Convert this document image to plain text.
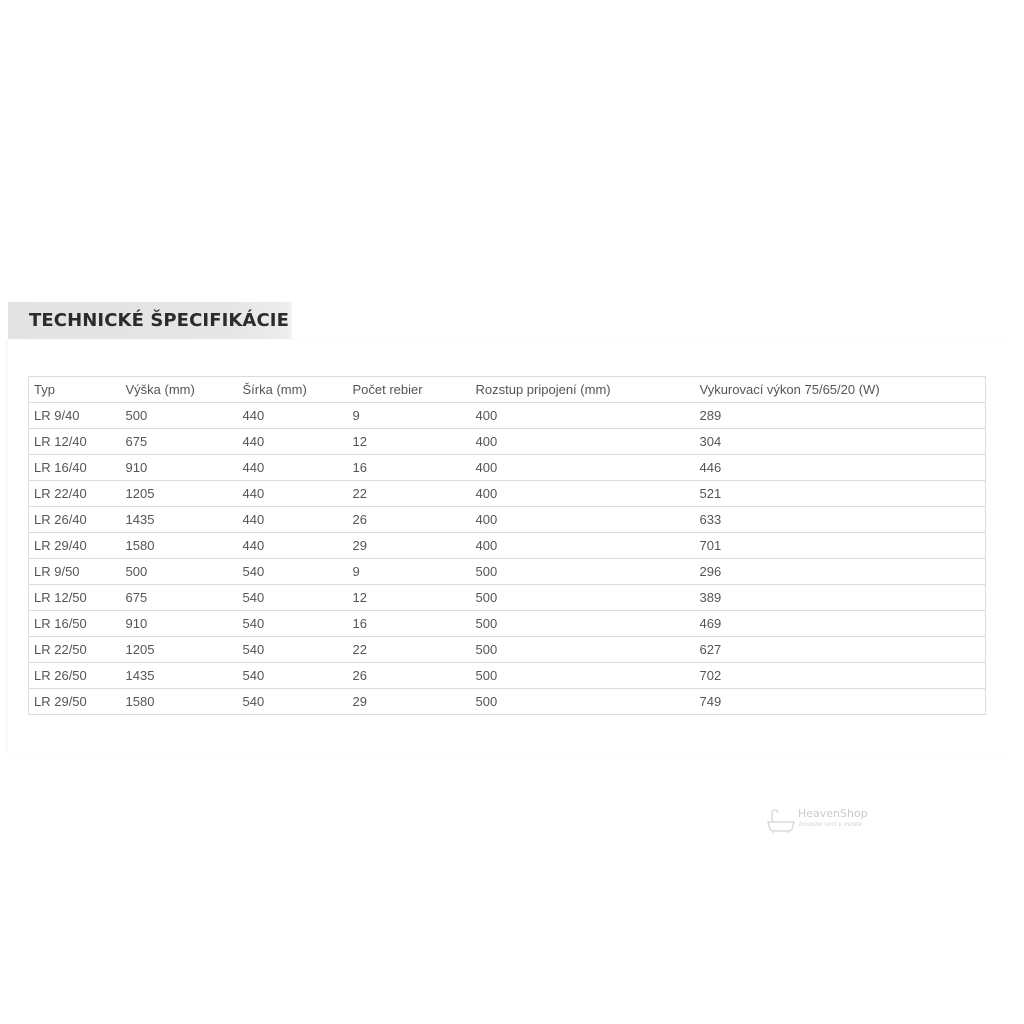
TECHNICKÉ ŠPECIFIKÁCIE
Typ	Výška (mm)	Šírka (mm)	Počet rebier	Rozstup pripojení (mm)	Vykurovací výkon 75/65/20 (W)
LR 9/40	500	440	9	400	289
LR 12/40	675	440	12	400	304
LR 16/40	910	440	16	400	446
LR 22/40	1205	440	22	400	521
LR 26/40	1435	440	26	400	633
LR 29/40	1580	440	29	400	701
LR 9/50	500	540	9	500	296
LR 12/50	675	540	12	500	389
LR 16/50	910	540	16	500	469
LR 22/50	1205	540	22	500	627
LR 26/50	1435	540	26	500	702
LR 29/50	1580	540	29	500	749
HeavenShop
luxusné veci v meste
